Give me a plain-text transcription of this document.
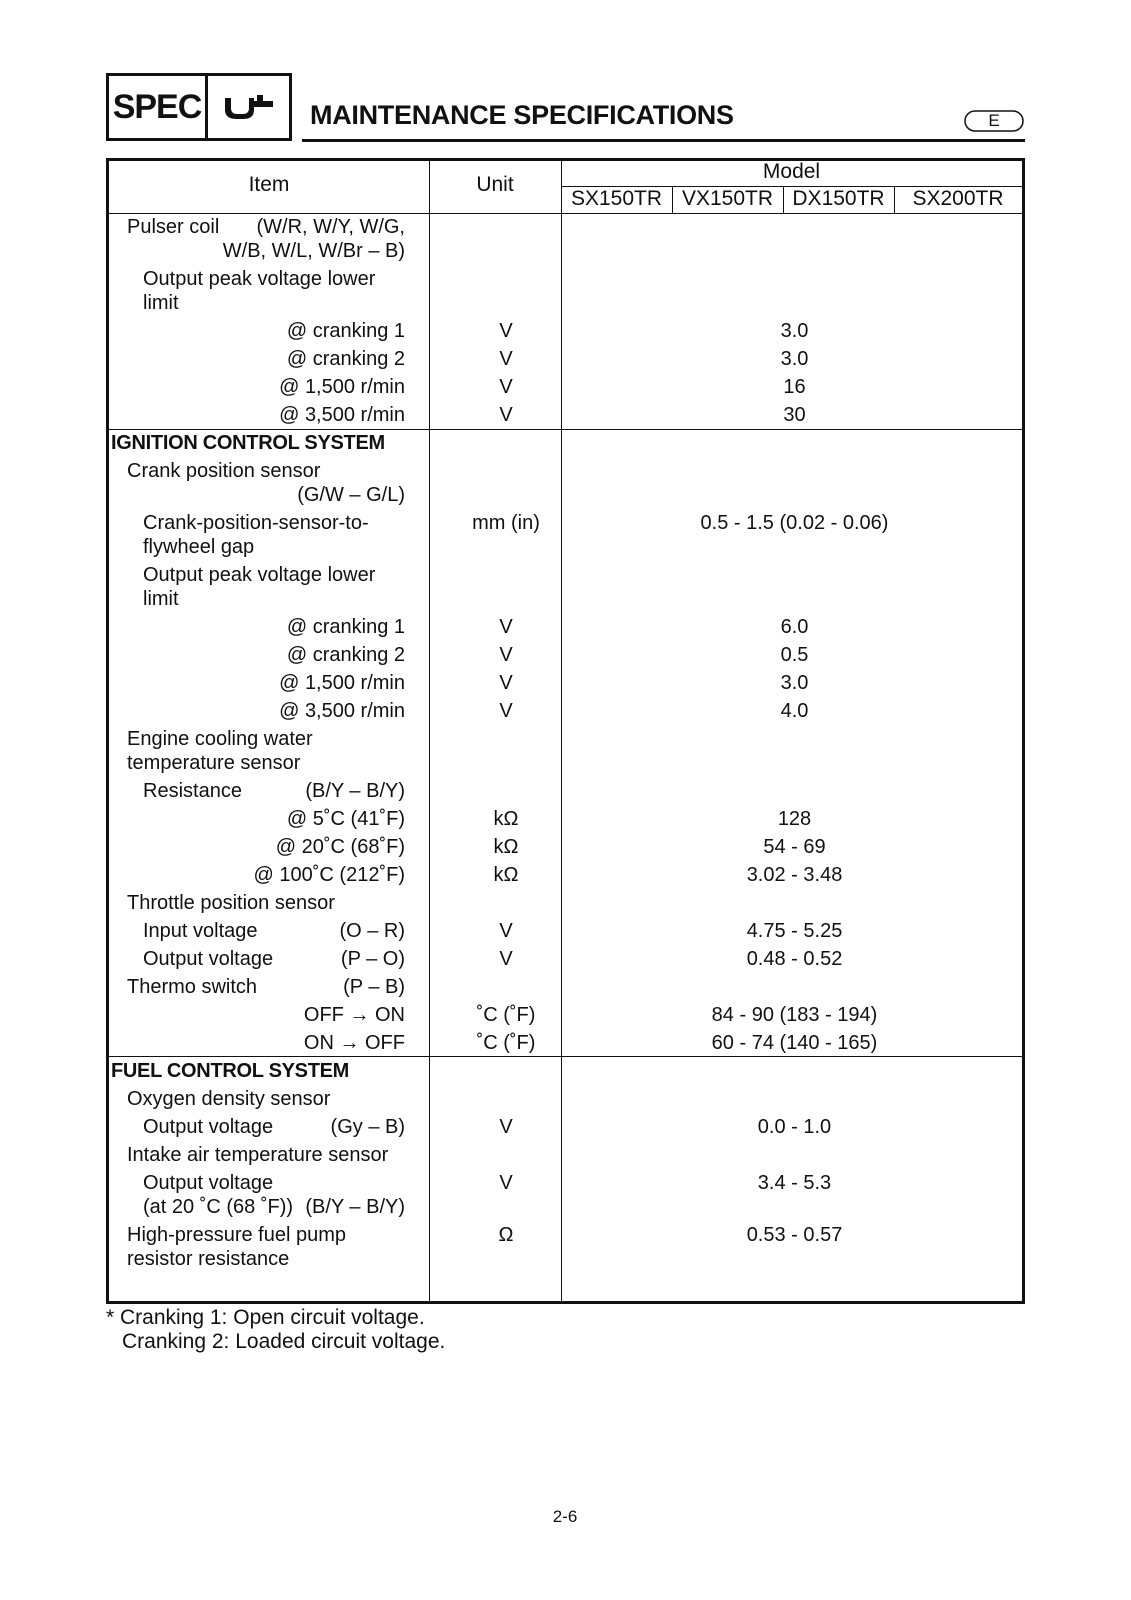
SPEC	MAINTENANCE SPECIFICATIONS	E
Item	Unit
Model
SX150TR VX150TR DX150TR	SX200TR
Pulser coil	(W/R, W/Y, W/G,
W/B, W/L, W/Br – B)
Output peak voltage lower
limit
@ cranking 1	V	3.0
@ cranking 2	V	3.0
@ 1,500 r/min	V	16
@ 3,500 r/min	V	30
IGNITION CONTROL SYSTEM
Crank position sensor
(G/W – G/L)
Crank-position-sensor-to-
flywheel gap
mm (in)	0.5 - 1.5 (0.02 - 0.06)
Output peak voltage lower
limit
@ cranking 1	V	6.0
@ cranking 2	V	0.5
@ 1,500 r/min	V	3.0
@ 3,500 r/min	V	4.0
Engine cooling water
temperature sensor
Resistance	(B/Y – B/Y)
@ 5˚C (41˚F)	kΩ	128
@ 20˚C (68˚F)	kΩ	54 - 69
@ 100˚C (212˚F)	kΩ	3.02 - 3.48
Throttle position sensor
Input voltage	(O – R)	V	4.75 - 5.25
Output voltage	(P – O)	V	0.48 - 0.52
Thermo switch	(P – B)
OFF → ON	˚C (˚F)	84 - 90 (183 - 194)
ON → OFF	˚C (˚F)	60 - 74 (140 - 165)
FUEL CONTROL SYSTEM
Oxygen density sensor
Output voltage	(Gy – B)	V	0.0 - 1.0
Intake air temperature sensor
Output voltage
(at 20 ˚C (68 ˚F)) (B/Y – B/Y)
V	3.4 - 5.3
High-pressure fuel pump
resistor resistance
Ω	0.53 - 0.57
* Cranking 1: Open circuit voltage.
Cranking 2: Loaded circuit voltage.
2-6
